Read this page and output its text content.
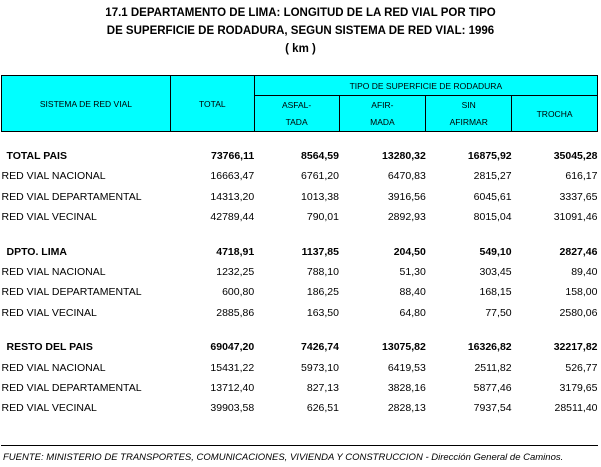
17.1 DEPARTAMENTO DE LIMA: LONGITUD DE LA RED VIAL POR TIPO
DE SUPERFICIE DE RODADURA, SEGUN SISTEMA DE RED VIAL: 1996
( km )
SISTEMA DE RED VIAL	TOTAL	TIPO DE SUPERFICIE DE RODADURA			
		ASFAL-	AFIR-	SIN	TROCHA
		TADA	MADA	AFIRMAR	

TOTAL PAIS	73766,11	8564,59	13280,32	16875,92	35045,28
RED VIAL NACIONAL	16663,47	6761,20	6470,83	2815,27	616,17
RED VIAL DEPARTAMENTAL	14313,20	1013,38	3916,56	6045,61	3337,65
RED VIAL VECINAL	42789,44	790,01	2892,93	8015,04	31091,46

DPTO. LIMA	4718,91	1137,85	204,50	549,10	2827,46
RED VIAL NACIONAL	1232,25	788,10	51,30	303,45	89,40
RED VIAL DEPARTAMENTAL	600,80	186,25	88,40	168,15	158,00
RED VIAL VECINAL	2885,86	163,50	64,80	77,50	2580,06

RESTO DEL PAIS	69047,20	7426,74	13075,82	16326,82	32217,82
RED VIAL NACIONAL	15431,22	5973,10	6419,53	2511,82	526,77
RED VIAL DEPARTAMENTAL	13712,40	827,13	3828,16	5877,46	3179,65
RED VIAL VECINAL	39903,58	626,51	2828,13	7937,54	28511,40
FUENTE: MINISTERIO DE TRANSPORTES, COMUNICACIONES, VIVIENDA Y CONSTRUCCION - Dirección General de Caminos.
